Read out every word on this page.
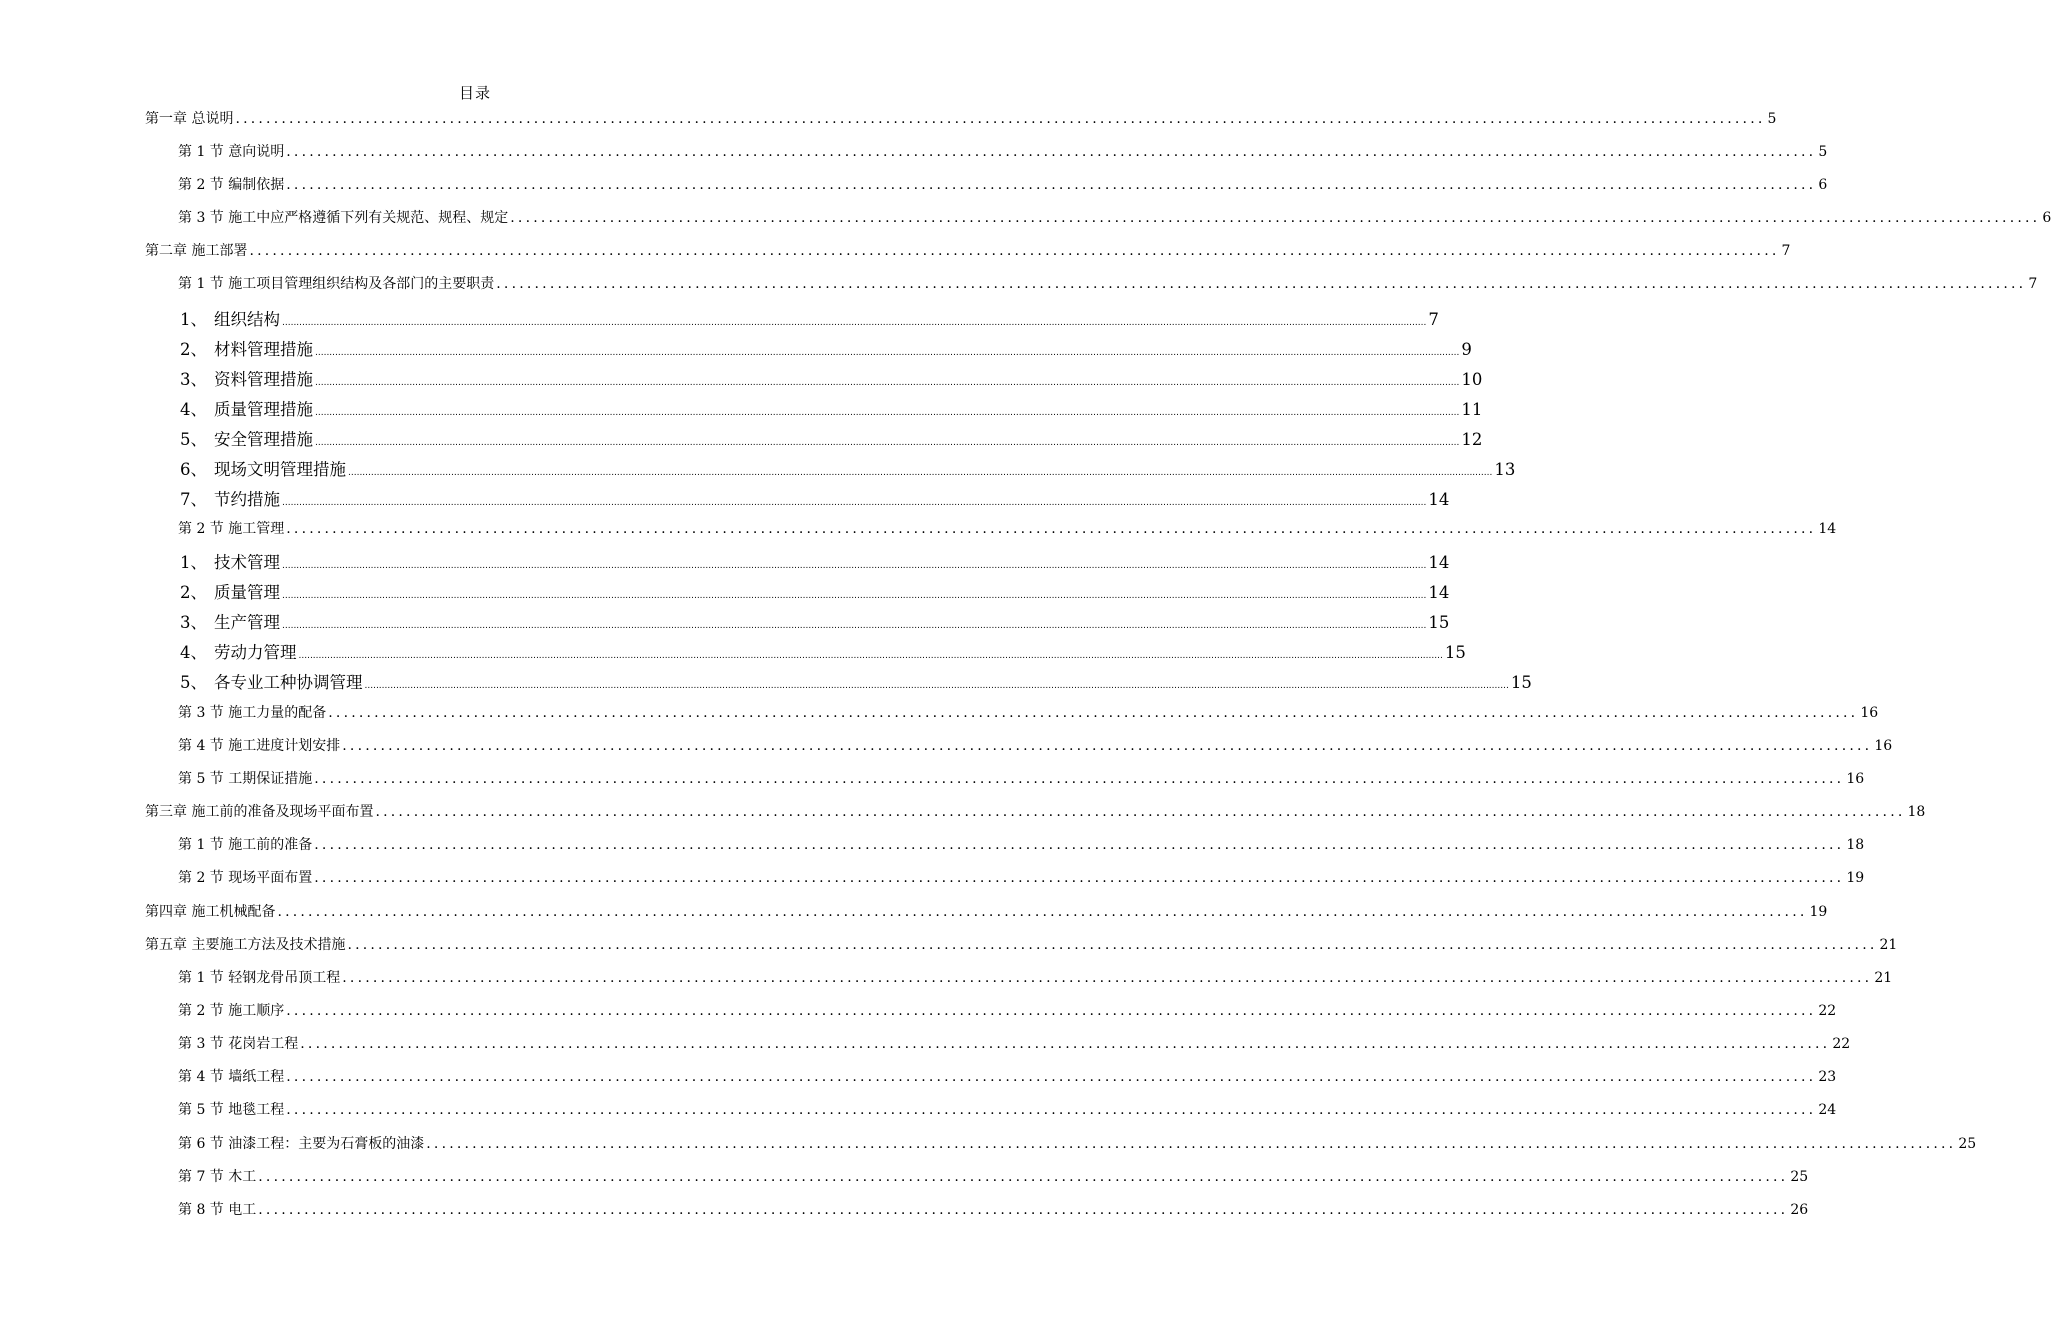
目录
第一章 总说明 ........................................................................................................................................................................................................ 5
第 1 节 意向说明 ........................................................................................................................................................................................................ 5
第 2 节 编制依据 ........................................................................................................................................................................................................ 6
第 3 节 施工中应严格遵循下列有关规范、规程、规定 ........................................................................................................................................................................................................ 6
第二章 施工部署 ........................................................................................................................................................................................................ 7
第 1 节 施工项目管理组织结构及各部门的主要职责 ........................................................................................................................................................................................................ 7
1、 组织结构 ................................................................................................................................................................................................................................................................................................................................................................................................................ 7
2、 材料管理措施 ................................................................................................................................................................................................................................................................................................................................................................................................................ 9
3、 资料管理措施 ................................................................................................................................................................................................................................................................................................................................................................................................................ 10
4、 质量管理措施 ................................................................................................................................................................................................................................................................................................................................................................................................................ 11
5、 安全管理措施 ................................................................................................................................................................................................................................................................................................................................................................................................................ 12
6、 现场文明管理措施 ................................................................................................................................................................................................................................................................................................................................................................................................................ 13
7、 节约措施 ................................................................................................................................................................................................................................................................................................................................................................................................................ 14
第 2 节 施工管理 ........................................................................................................................................................................................................ 14
1、 技术管理 ................................................................................................................................................................................................................................................................................................................................................................................................................ 14
2、 质量管理 ................................................................................................................................................................................................................................................................................................................................................................................................................ 14
3、 生产管理 ................................................................................................................................................................................................................................................................................................................................................................................................................ 15
4、 劳动力管理 ................................................................................................................................................................................................................................................................................................................................................................................................................ 15
5、 各专业工种协调管理 ................................................................................................................................................................................................................................................................................................................................................................................................................ 15
第 3 节 施工力量的配备 ........................................................................................................................................................................................................ 16
第 4 节 施工进度计划安排 ........................................................................................................................................................................................................ 16
第 5 节 工期保证措施 ........................................................................................................................................................................................................ 16
第三章 施工前的准备及现场平面布置 ........................................................................................................................................................................................................ 18
第 1 节 施工前的准备 ........................................................................................................................................................................................................ 18
第 2 节 现场平面布置 ........................................................................................................................................................................................................ 19
第四章 施工机械配备 ........................................................................................................................................................................................................ 19
第五章 主要施工方法及技术措施 ........................................................................................................................................................................................................ 21
第 1 节 轻钢龙骨吊顶工程 ........................................................................................................................................................................................................ 21
第 2 节 施工顺序 ........................................................................................................................................................................................................ 22
第 3 节 花岗岩工程 ........................................................................................................................................................................................................ 22
第 4 节 墙纸工程 ........................................................................................................................................................................................................ 23
第 5 节 地毯工程 ........................................................................................................................................................................................................ 24
第 6 节 油漆工程：主要为石膏板的油漆 ........................................................................................................................................................................................................ 25
第 7 节 木工 ........................................................................................................................................................................................................ 25
第 8 节 电工 ........................................................................................................................................................................................................ 26
